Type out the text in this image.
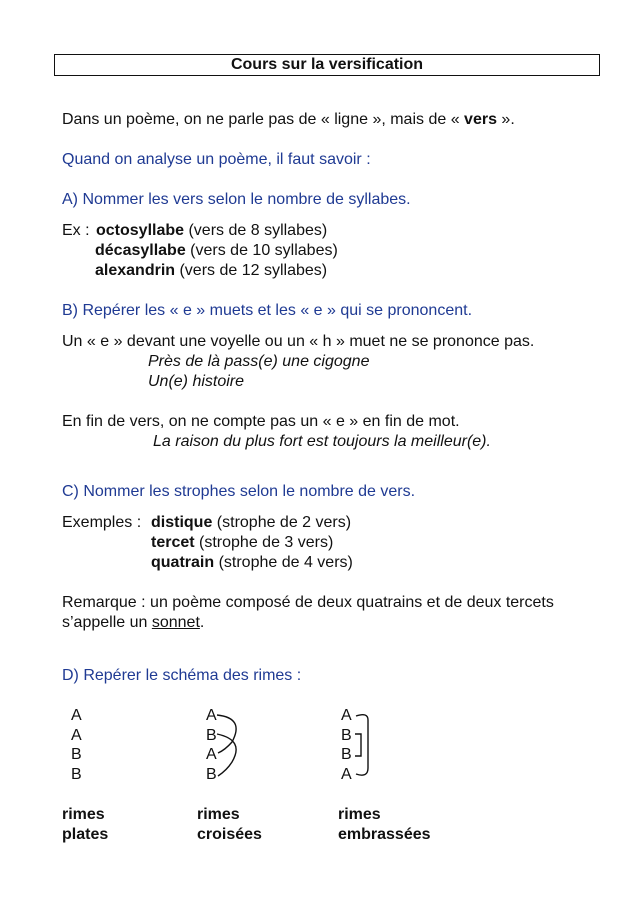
Cours sur la versification
Dans un poème, on ne parle pas de « ligne », mais de « vers ».
Quand on analyse un poème, il faut savoir :
A) Nommer les vers selon le nombre de syllabes.
Ex : octosyllabe (vers de 8 syllabes)
décasyllabe (vers de 10 syllabes)
alexandrin (vers de 12 syllabes)
B) Repérer les « e » muets et les « e » qui se prononcent.
Un « e » devant une voyelle ou un « h » muet ne se prononce pas.
Près de là pass(e) une cigogne
Un(e) histoire
En fin de vers, on ne compte pas un « e » en fin de mot.
La raison du plus fort est toujours la meilleur(e).
C) Nommer les strophes selon le nombre de vers.
Exemples : distique (strophe de 2 vers)
tercet (strophe de 3 vers)
quatrain (strophe de 4 vers)
Remarque : un poème composé de deux quatrains et de deux tercets
s’appelle un sonnet.
D) Repérer le schéma des rimes :
A
A
B
B
A
B
A
B
A
B
B
A
rimes
plates
rimes
croisées
rimes
embrassées
